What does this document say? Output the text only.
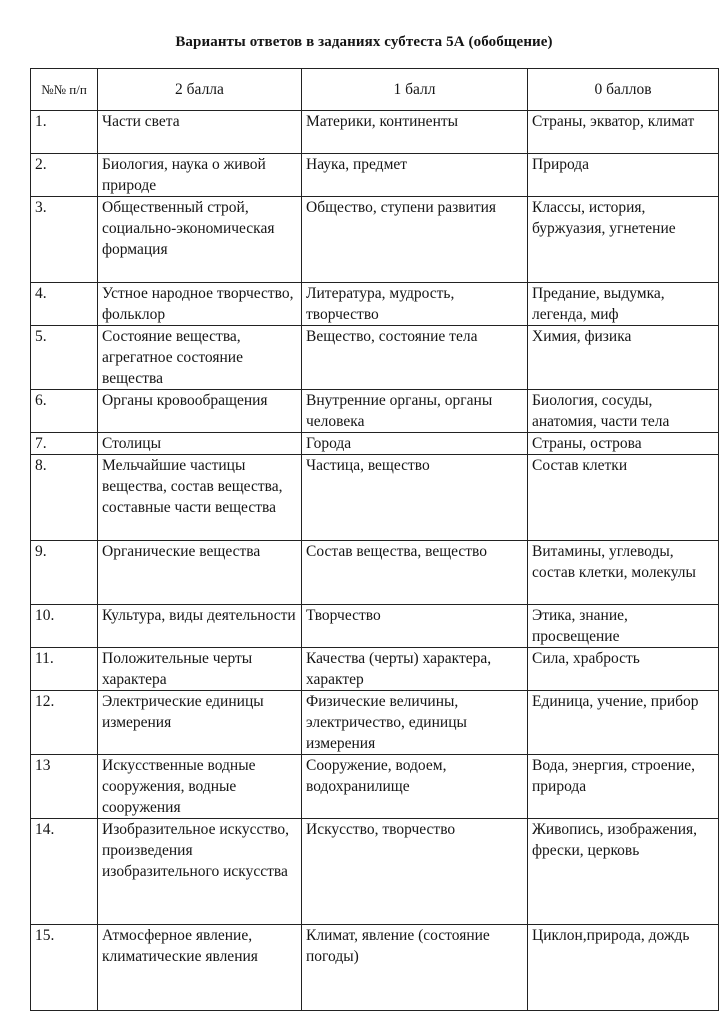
Варианты ответов в заданиях субтеста 5А (обобщение)
№№ п/п	2 балла	1 балл	0 баллов
1.	Части света	Материки, континенты	Страны, экватор, климат
2.	Биология, наука о живой природе	Наука, предмет	Природа
3.	Общественный строй, социально-экономическая формация	Общество, ступени развития	Классы, история, буржуазия, угнетение
4.	Устное народное творчество, фольклор	Литература, мудрость, творчество	Предание, выдумка, легенда, миф
5.	Состояние вещества, агрегатное состояние вещества	Вещество, состояние тела	Химия, физика
6.	Органы кровообращения	Внутренние органы, органы человека	Биология, сосуды, анатомия, части тела
7.	Столицы	Города	Страны, острова
8.	Мельчайшие частицы вещества, состав вещества, составные части вещества	Частица, вещество	Состав клетки
9.	Органические вещества	Состав вещества, вещество	Витамины, углеводы, состав клетки, молекулы
10.	Культура, виды деятельности	Творчество	Этика, знание, просвещение
11.	Положительные черты характера	Качества (черты) характера, характер	Сила, храбрость
12.	Электрические единицы измерения	Физические величины, электричество, единицы измерения	Единица, учение, прибор
13	Искусственные водные сооружения, водные сооружения	Сооружение, водоем, водохранилище	Вода, энергия, строение, природа
14.	Изобразительное искусство, произведения изобразительного искусства	Искусство, творчество	Живопись, изображения, фрески, церковь
15.	Атмосферное явление, климатические явления	Климат, явление (состояние погоды)	Циклон,природа, дождь
